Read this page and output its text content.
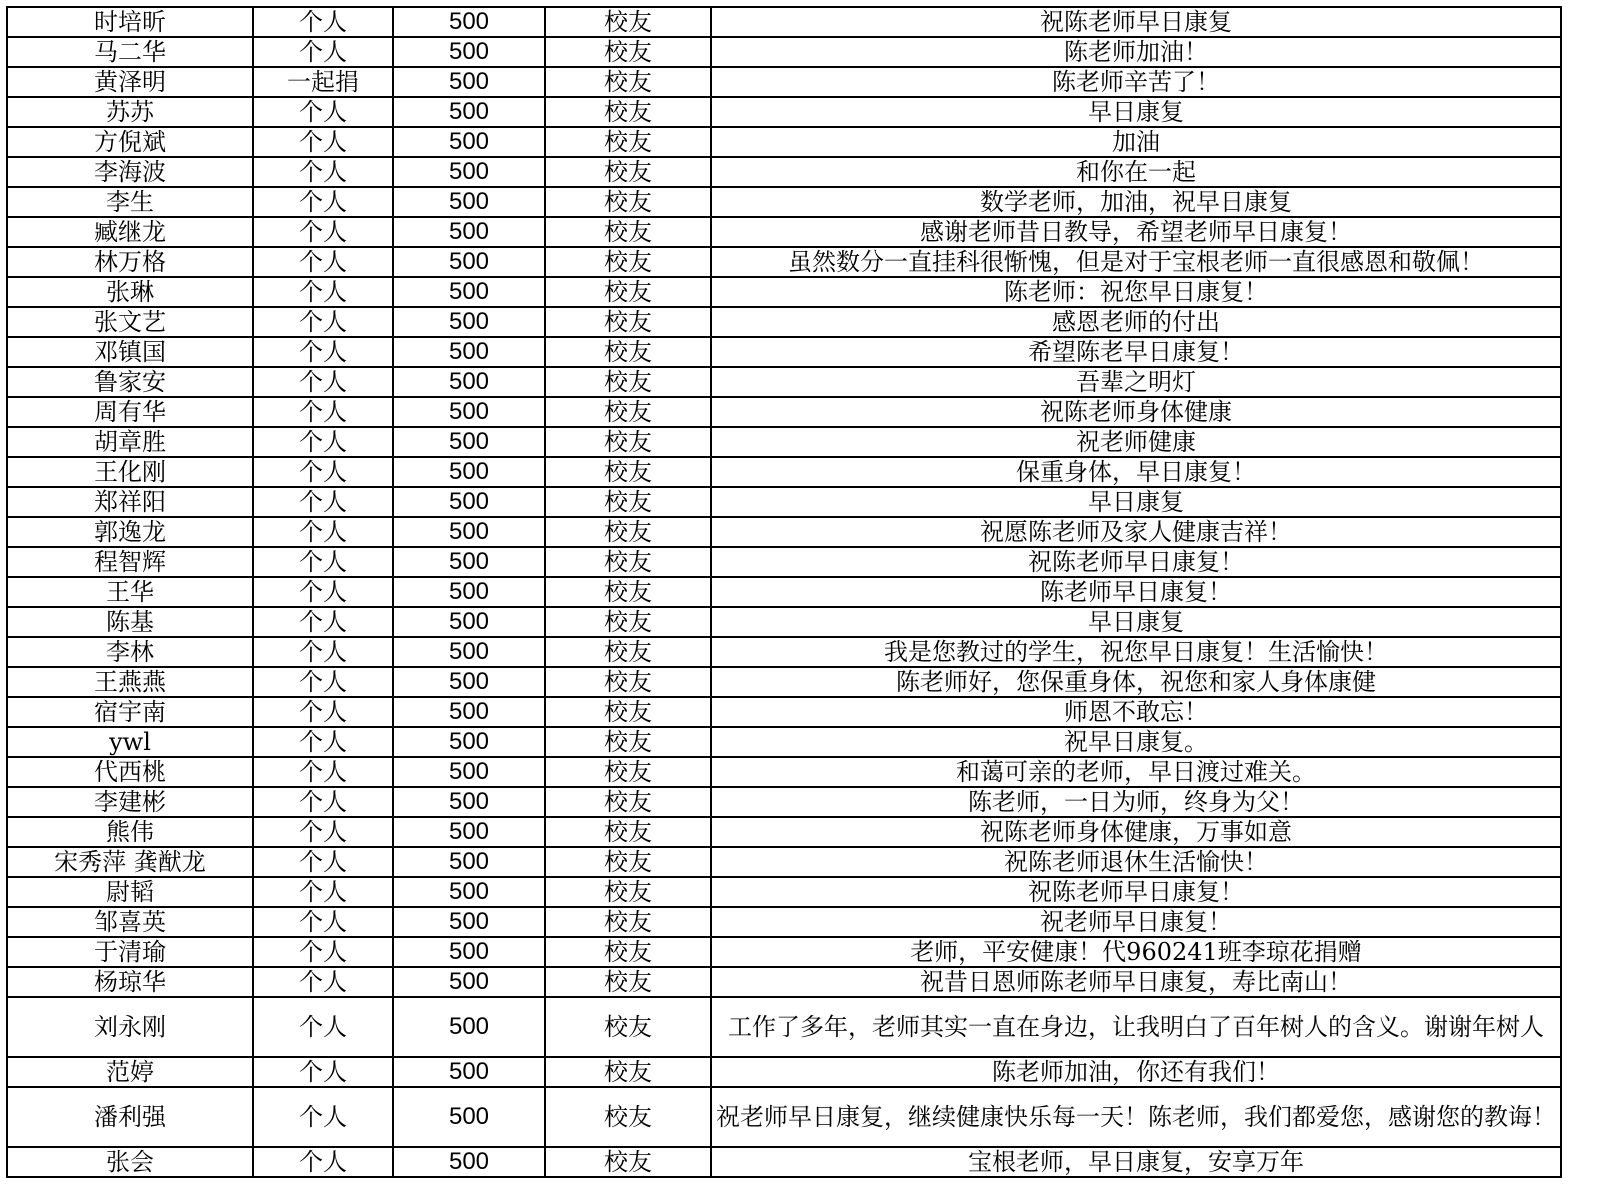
时培昕	个人	500	校友	祝陈老师早日康复
马二华	个人	500	校友	陈老师加油！
黄泽明	一起捐	500	校友	陈老师辛苦了！
苏苏	个人	500	校友	早日康复
方倪斌	个人	500	校友	加油
李海波	个人	500	校友	和你在一起
李生	个人	500	校友	数学老师，加油，祝早日康复
臧继龙	个人	500	校友	感谢老师昔日教导，希望老师早日康复！
林万格	个人	500	校友	虽然数分一直挂科很惭愧，但是对于宝根老师一直很感恩和敬佩！
张琳	个人	500	校友	陈老师：祝您早日康复！
张文艺	个人	500	校友	感恩老师的付出
邓镇国	个人	500	校友	希望陈老早日康复！
鲁家安	个人	500	校友	吾辈之明灯
周有华	个人	500	校友	祝陈老师身体健康
胡章胜	个人	500	校友	祝老师健康
王化刚	个人	500	校友	保重身体，早日康复！
郑祥阳	个人	500	校友	早日康复
郭逸龙	个人	500	校友	祝愿陈老师及家人健康吉祥！
程智辉	个人	500	校友	祝陈老师早日康复！
王华	个人	500	校友	陈老师早日康复！
陈基	个人	500	校友	早日康复
李林	个人	500	校友	我是您教过的学生，祝您早日康复！生活愉快！
王燕燕	个人	500	校友	陈老师好，您保重身体，祝您和家人身体康健
宿宇南	个人	500	校友	师恩不敢忘！
ywl	个人	500	校友	祝早日康复。
代西桃	个人	500	校友	和蔼可亲的老师，早日渡过难关。
李建彬	个人	500	校友	陈老师，一日为师，终身为父！
熊伟	个人	500	校友	祝陈老师身体健康，万事如意
宋秀萍 龚猷龙	个人	500	校友	祝陈老师退休生活愉快！
尉韬	个人	500	校友	祝陈老师早日康复！
邹喜英	个人	500	校友	祝老师早日康复！
于清瑜	个人	500	校友	老师，平安健康！代960241班李琼花捐赠
杨琼华	个人	500	校友	祝昔日恩师陈老师早日康复，寿比南山！
刘永刚	个人	500	校友	工作了多年，老师其实一直在身边，让我明白了百年树人的含义。谢谢年树人
范婷	个人	500	校友	陈老师加油，你还有我们！
潘利强	个人	500	校友	祝老师早日康复，继续健康快乐每一天！陈老师，我们都爱您，感谢您的教诲！
张会	个人	500	校友	宝根老师，早日康复，安享万年
